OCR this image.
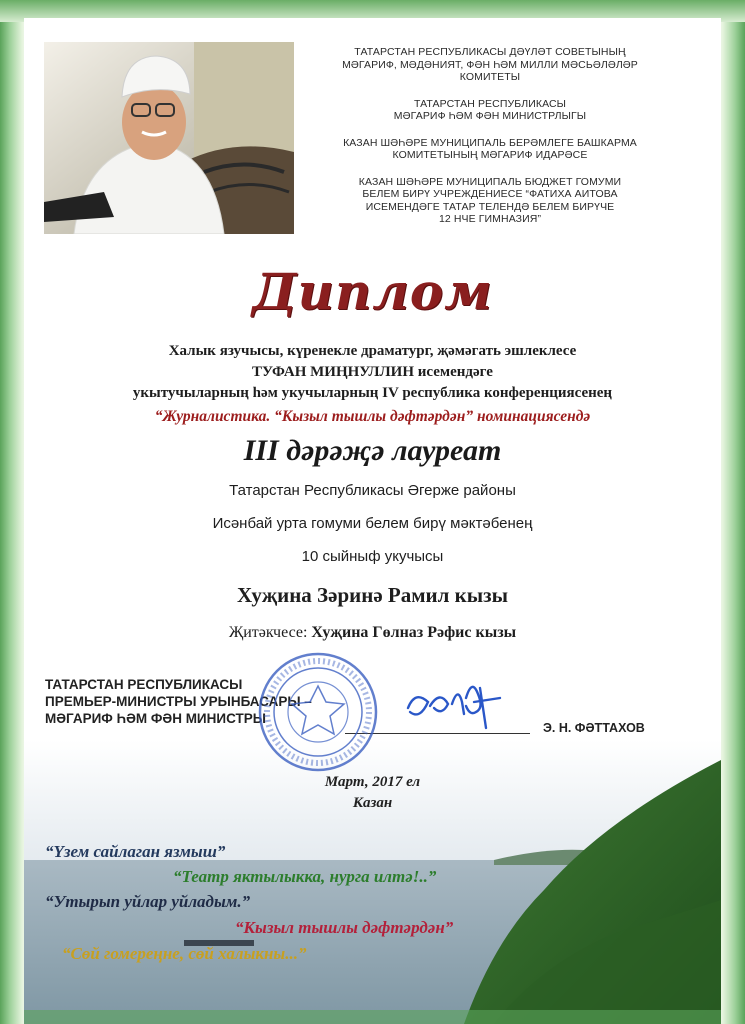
ТАТАРСТАН РЕСПУБЛИКАСЫ ДӘҮЛӘТ СОВЕТЫНЫҢ
МӘГАРИФ, МӘДӘНИЯТ, ФӘН ҺӘМ МИЛЛИ МӘСЬӘЛӘЛӘР
КОМИТЕТЫ
ТАТАРСТАН РЕСПУБЛИКАСЫ
МӘГАРИФ ҺӘМ ФӘН МИНИСТРЛЫГЫ
КАЗАН ШӘҺӘРЕ МУНИЦИПАЛЬ БЕРӘМЛЕГЕ БАШКАРМА
КОМИТЕТЫНЫҢ МӘГАРИФ ИДАРӘСЕ
КАЗАН ШӘҺӘРЕ МУНИЦИПАЛЬ БЮДЖЕТ ГОМУМИ
БЕЛЕМ БИРҮ УЧРЕЖДЕНИЕСЕ “ФАТИХА АИТОВА
ИСЕМЕНДӘГЕ ТАТАР ТЕЛЕНДӘ БЕЛЕМ БИРҮЧЕ
12 НЧЕ ГИМНАЗИЯ”
Диплом
Халык язучысы, күренекле драматург, җәмәгать эшлеклесе
ТУФАН МИҢНУЛЛИН исемендәге
укытучыларның һәм укучыларның IV республика конференциясенең
“Журналистика. “Кызыл тышлы дәфтәрдән” номинациясендә
III дәрәҗә лауреат
Татарстан Республикасы Әгерже районы
Исәнбай урта гомуми белем бирү мәктәбенең
10 сыйныф укучысы
Хуҗина Зәринә Рамил кызы
Җитәкчесе: Хуҗина Гөлназ Рәфис кызы
ТАТАРСТАН РЕСПУБЛИКАСЫ
ПРЕМЬЕР-МИНИСТРЫ УРЫНБАСАРЫ –
МӘГАРИФ ҺӘМ ФӘН МИНИСТРЫ
Э. Н. ФӘТТАХОВ
Март, 2017 ел
Казан
“Үзем сайлаган язмыш”
“Театр яктылыкка, нурга илтә!..”
“Утырып уйлар уйладым.”
“Кызыл тышлы дәфтәрдән”
“Сөй гомереңне, сөй халыкны...”
